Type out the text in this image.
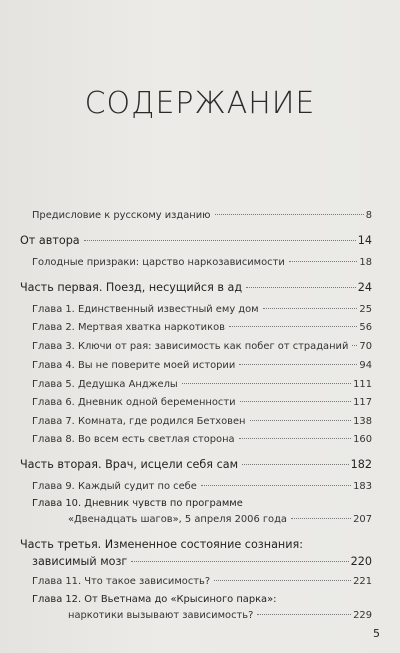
СОДЕРЖАНИЕ
Предисловие к русскому изданию	8
От автора	14
Голодные призраки: царство наркозависимости	18
Часть первая. Поезд, несущийся в ад	24
Глава 1. Единственный известный ему дом	25
Глава 2. Мертвая хватка наркотиков	56
Глава 3. Ключи от рая: зависимость как побег от страданий 70
Глава 4. Вы не поверите моей истории	94
Глава 5. Дедушка Анджелы	111
Глава 6. Дневник одной беременности	117
Глава 7. Комната, где родился Бетховен	138
Глава 8. Во всем есть светлая сторона	160
Часть вторая. Врач, исцели себя сам	182
Глава 9. Каждый судит по себе	183
Глава 10. Дневник чувств по программе
«Двенадцать шагов», 5 апреля 2006 года	207
Часть третья. Измененное состояние сознания:
зависимый мозг	220
Глава 11. Что такое зависимость?	221
Глава 12. От Вьетнама до «Крысиного парка»:
наркотики вызывают зависимость?	229
5
